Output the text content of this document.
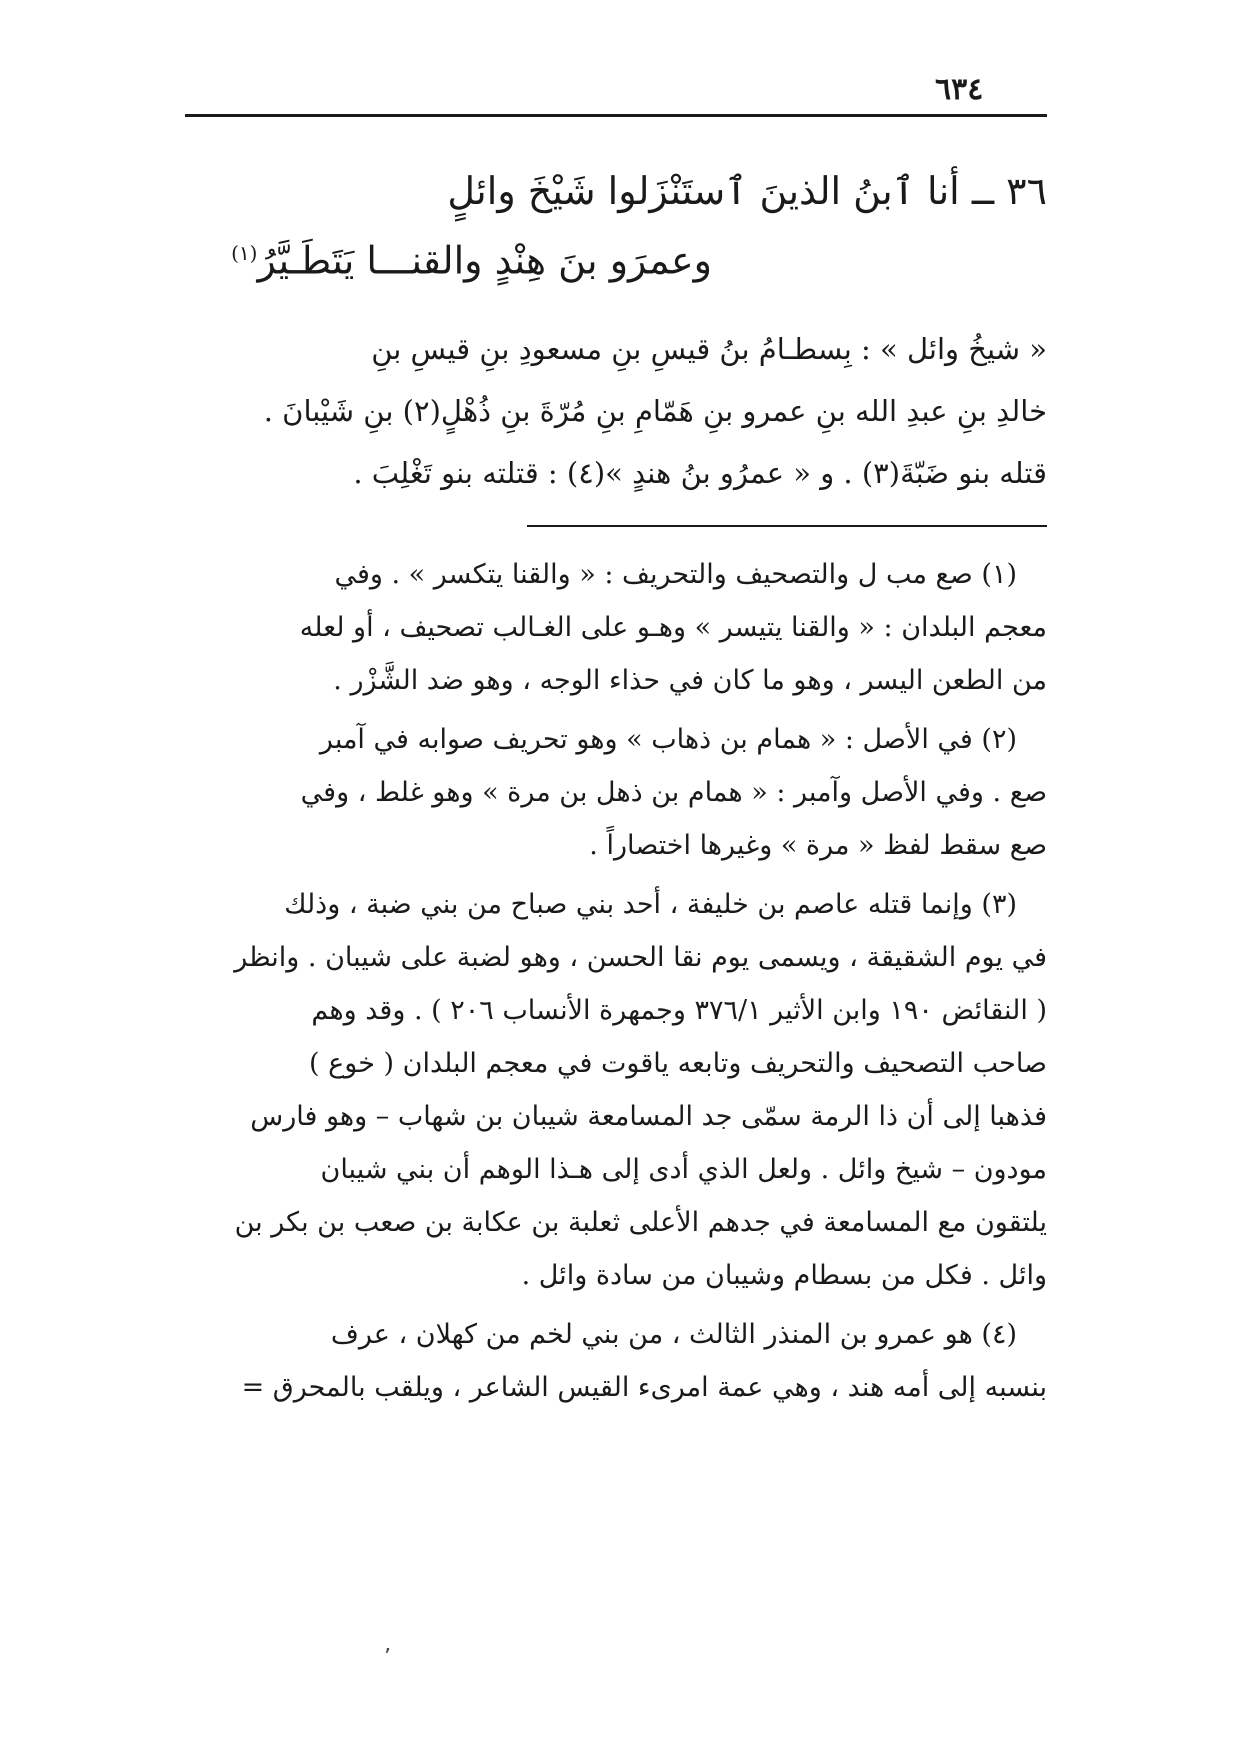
٦٣٤
٣٦ ــ أنا ٱبنُ الذينَ ٱستَنْزَلوا شَيْخَ وائلٍ
وعمرَو بنَ هِنْدٍ والقنـــا يَتَطَـيَّرُ$^{(١)}$

« شيخُ وائل » : بِسطـامُ بنُ قيسِ بنِ مسعودِ بنِ قيسِ بنِ

خالدِ بنِ عبدِ الله بنِ عمرو بنِ هَمّامِ بنِ مُرّةَ بنِ ذُهْلٍ(٢) بنِ شَيْبانَ .

قتله بنو ضَبّةَ(٣) . و « عمرُو بنُ هندٍ »(٤) : قتلته بنو تَغْلِبَ .

(١) صع مب ل والتصحيف والتحريف : « والقنا يتكسر » . وفي
معجم البلدان : « والقنا يتيسر » وهـو على الغـالب تصحيف ، أو لعله
من الطعن اليسر ، وهو ما كان في حذاء الوجه ، وهو ضد الشَّزْر .
(٢) في الأصل : « همام بن ذهاب » وهو تحريف صوابه في آمبر
صع . وفي الأصل وآمبر : « همام بن ذهل بن مرة » وهو غلط ، وفي
صع سقط لفظ « مرة » وغيرها اختصاراً .
(٣) وإنما قتله عاصم بن خليفة ، أحد بني صباح من بني ضبة ، وذلك
في يوم الشقيقة ، ويسمى يوم نقا الحسن ، وهو لضبة على شيبان . وانظر
( النقائض ١٩٠ وابن الأثير ٣٧٦/١ وجمهرة الأنساب ٢٠٦ ) . وقد وهم
صاحب التصحيف والتحريف وتابعه ياقوت في معجم البلدان ( خوع )
فذهبا إلى أن ذا الرمة سمّى جد المسامعة شيبان بن شهاب – وهو فارس
مودون – شيخ وائل . ولعل الذي أدى إلى هـذا الوهم أن بني شيبان
يلتقون مع المسامعة في جدهم الأعلى ثعلبة بن عكابة بن صعب بن بكر بن
وائل . فكل من بسطام وشيبان من سادة وائل .
(٤) هو عمرو بن المنذر الثالث ، من بني لخم من كهلان ، عرف
بنسبه إلى أمه هند ، وهي عمة امرىء القيس الشاعر ، ويلقب بالمحرق =
٬
